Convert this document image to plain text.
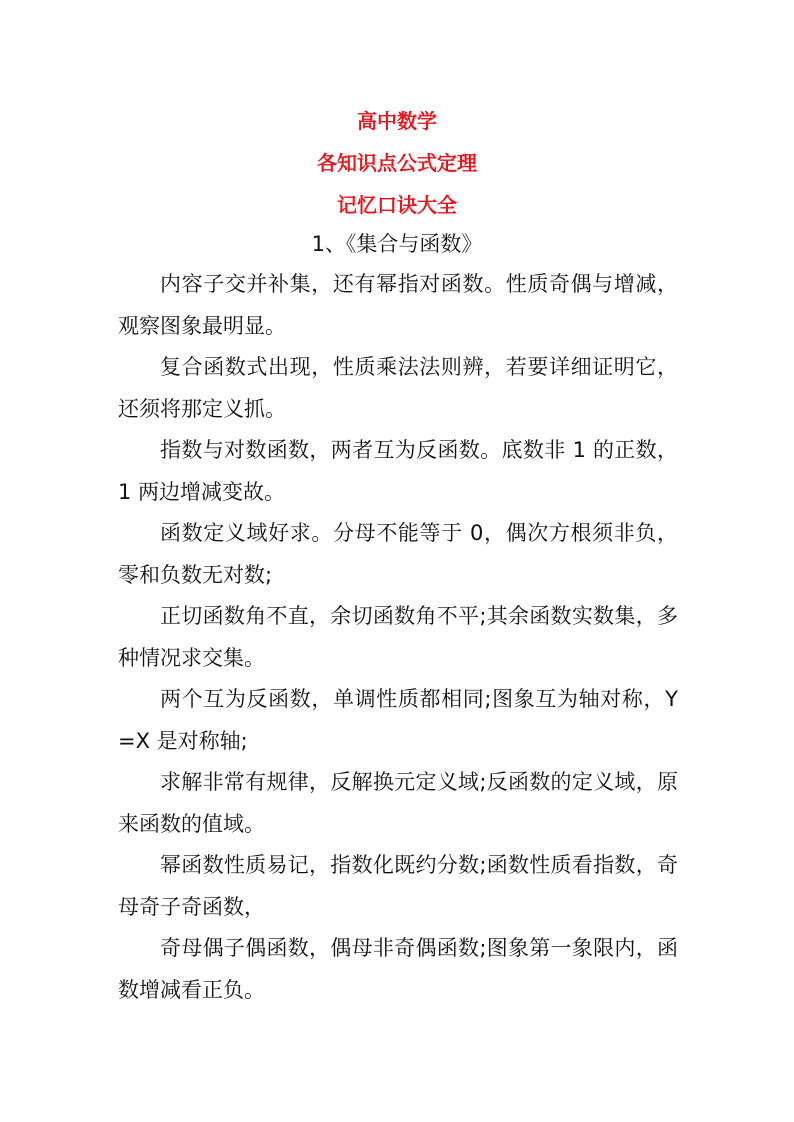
高中数学
各知识点公式定理
记忆口诀大全
1、《集合与函数》

内容子交并补集，还有幂指对函数。性质奇偶与增减，观察图象最明显。

复合函数式出现，性质乘法法则辨，若要详细证明它，还须将那定义抓。

指数与对数函数，两者互为反函数。底数非 1 的正数，1 两边增减变故。

函数定义域好求。分母不能等于 0，偶次方根须非负，零和负数无对数;

正切函数角不直，余切函数角不平;其余函数实数集，多种情况求交集。

两个互为反函数，单调性质都相同;图象互为轴对称，Y=X 是对称轴;

求解非常有规律，反解换元定义域;反函数的定义域，原来函数的值域。

幂函数性质易记，指数化既约分数;函数性质看指数，奇母奇子奇函数，

奇母偶子偶函数，偶母非奇偶函数;图象第一象限内，函数增减看正负。
